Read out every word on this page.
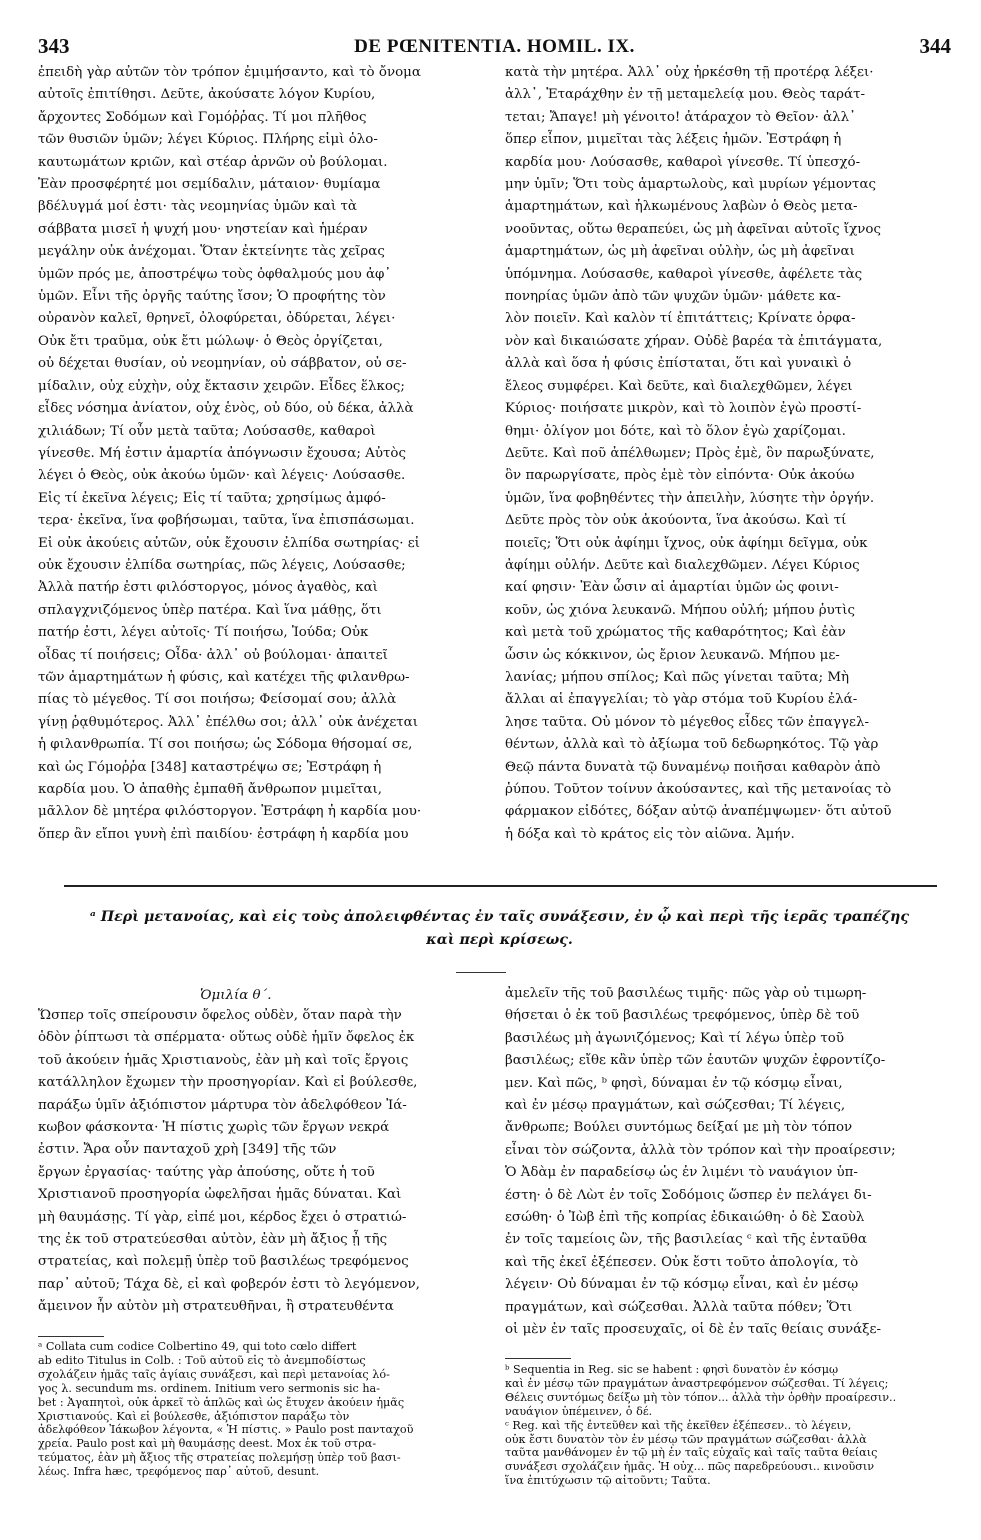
343	DE PŒNITENTIA. HOMIL. IX.	344

ἐπειδὴ γὰρ αὐτῶν τὸν τρόπον ἐμιμήσαντο, καὶ τὸ ὄνομα

αὐτοῖς ἐπιτίθησι. Δεῦτε, ἀκούσατε λόγον Κυρίου,

ἄρχοντες Σοδόμων καὶ Γομόῤῥας. Τί μοι πλῆθος

τῶν θυσιῶν ὑμῶν; λέγει Κύριος. Πλήρης εἰμὶ ὁλο-

καυτωμάτων κριῶν, καὶ στέαρ ἀρνῶν οὐ βούλομαι.

Ἐὰν προσφέρητέ μοι σεμίδαλιν, μάταιον· θυμίαμα

βδέλυγμά μοί ἐστι· τὰς νεομηνίας ὑμῶν καὶ τὰ

σάββατα μισεῖ ἡ ψυχή μου· νηστείαν καὶ ἡμέραν

μεγάλην οὐκ ἀνέχομαι. Ὅταν ἐκτείνητε τὰς χεῖρας

ὑμῶν πρός με, ἀποστρέψω τοὺς ὀφθαλμούς μου ἀφ᾽

ὑμῶν. Εἶνι τῆς ὀργῆς ταύτης ἴσον; Ὁ προφήτης τὸν

οὐρανὸν καλεῖ, θρηνεῖ, ὀλοφύρεται, ὀδύρεται, λέγει·

Οὐκ ἔτι τραῦμα, οὐκ ἔτι μώλωψ· ὁ Θεὸς ὀργίζεται,

οὐ δέχεται θυσίαν, οὐ νεομηνίαν, οὐ σάββατον, οὐ σε-

μίδαλιν, οὐχ εὐχὴν, οὐχ ἔκτασιν χειρῶν. Εἶδες ἕλκος;

εἶδες νόσημα ἀνίατον, οὐχ ἑνὸς, οὐ δύο, οὐ δέκα, ἀλλὰ

χιλιάδων; Τί οὖν μετὰ ταῦτα; Λούσασθε, καθαροὶ

γίνεσθε. Μή ἐστιν ἁμαρτία ἀπόγνωσιν ἔχουσα; Αὐτὸς

λέγει ὁ Θεὸς, οὐκ ἀκούω ὑμῶν· καὶ λέγεις· Λούσασθε.

Εἰς τί ἐκεῖνα λέγεις; Εἰς τί ταῦτα; χρησίμως ἀμφό-

τερα· ἐκεῖνα, ἵνα φοβήσωμαι, ταῦτα, ἵνα ἐπισπάσωμαι.

Εἰ οὐκ ἀκούεις αὐτῶν, οὐκ ἔχουσιν ἐλπίδα σωτηρίας· εἰ

οὐκ ἔχουσιν ἐλπίδα σωτηρίας, πῶς λέγεις, Λούσασθε;

Ἀλλὰ πατήρ ἐστι φιλόστοργος, μόνος ἀγαθὸς, καὶ

σπλαγχνιζόμενος ὑπὲρ πατέρα. Καὶ ἵνα μάθῃς, ὅτι

πατήρ ἐστι, λέγει αὐτοῖς· Τί ποιήσω, Ἰούδα; Οὐκ

οἶδας τί ποιήσεις; Οἶδα· ἀλλ᾽ οὐ βούλομαι· ἀπαιτεῖ

τῶν ἁμαρτημάτων ἡ φύσις, καὶ κατέχει τῆς φιλανθρω-

πίας τὸ μέγεθος. Τί σοι ποιήσω; Φείσομαί σου; ἀλλὰ

γίνῃ ῥᾳθυμότερος. Ἀλλ᾽ ἐπέλθω σοι; ἀλλ᾽ οὐκ ἀνέχεται

ἡ φιλανθρωπία. Τί σοι ποιήσω; ὡς Σόδομα θήσομαί σε,

καὶ ὡς Γόμοῤῥα [348] καταστρέψω σε; Ἐστράφη ἡ

καρδία μου. Ὁ ἀπαθὴς ἐμπαθῆ ἄνθρωπον μιμεῖται,

μᾶλλον δὲ μητέρα φιλόστοργον. Ἐστράφη ἡ καρδία μου·

ὅπερ ἂν εἴποι γυνὴ ἐπὶ παιδίου· ἐστράφη ἡ καρδία μου

κατὰ τὴν μητέρα. Ἀλλ᾽ οὐχ ἠρκέσθη τῇ προτέρᾳ λέξει·

ἀλλ᾽, Ἐταράχθην ἐν τῇ μεταμελείᾳ μου. Θεὸς ταράτ-

τεται; Ἄπαγε! μὴ γένοιτο! ἀτάραχον τὸ Θεῖον· ἀλλ᾽

ὅπερ εἶπον, μιμεῖται τὰς λέξεις ἡμῶν. Ἐστράφη ἡ

καρδία μου· Λούσασθε, καθαροὶ γίνεσθε. Τί ὑπεσχό-

μην ὑμῖν; Ὅτι τοὺς ἁμαρτωλοὺς, καὶ μυρίων γέμοντας

ἁμαρτημάτων, καὶ ἡλκωμένους λαβὼν ὁ Θεὸς μετα-

νοοῦντας, οὕτω θεραπεύει, ὡς μὴ ἀφεῖναι αὐτοῖς ἴχνος

ἁμαρτημάτων, ὡς μὴ ἀφεῖναι οὐλὴν, ὡς μὴ ἀφεῖναι

ὑπόμνημα. Λούσασθε, καθαροὶ γίνεσθε, ἀφέλετε τὰς

πονηρίας ὑμῶν ἀπὸ τῶν ψυχῶν ὑμῶν· μάθετε κα-

λὸν ποιεῖν. Καὶ καλὸν τί ἐπιτάττεις; Κρίνατε ὀρφα-

νὸν καὶ δικαιώσατε χήραν. Οὐδὲ βαρέα τὰ ἐπιτάγματα,

ἀλλὰ καὶ ὅσα ἡ φύσις ἐπίσταται, ὅτι καὶ γυναικὶ ὁ

ἔλεος συμφέρει. Καὶ δεῦτε, καὶ διαλεχθῶμεν, λέγει

Κύριος· ποιήσατε μικρὸν, καὶ τὸ λοιπὸν ἐγὼ προστί-

θημι· ὀλίγον μοι δότε, καὶ τὸ ὅλον ἐγὼ χαρίζομαι.

Δεῦτε. Καὶ ποῦ ἀπέλθωμεν; Πρὸς ἐμὲ, ὃν παρωξύνατε,

ὃν παρωργίσατε, πρὸς ἐμὲ τὸν εἰπόντα· Οὐκ ἀκούω

ὑμῶν, ἵνα φοβηθέντες τὴν ἀπειλὴν, λύσητε τὴν ὀργήν.

Δεῦτε πρὸς τὸν οὐκ ἀκούοντα, ἵνα ἀκούσω. Καὶ τί

ποιεῖς; Ὅτι οὐκ ἀφίημι ἴχνος, οὐκ ἀφίημι δεῖγμα, οὐκ

ἀφίημι οὐλήν. Δεῦτε καὶ διαλεχθῶμεν. Λέγει Κύριος

καί φησιν· Ἐὰν ὦσιν αἱ ἁμαρτίαι ὑμῶν ὡς φοινι-

κοῦν, ὡς χιόνα λευκανῶ. Μήπου οὐλή; μήπου ῥυτὶς

καὶ μετὰ τοῦ χρώματος τῆς καθαρότητος; Καὶ ἐὰν

ὦσιν ὡς κόκκινον, ὡς ἔριον λευκανῶ. Μήπου με-

λανίας; μήπου σπίλος; Καὶ πῶς γίνεται ταῦτα; Μὴ

ἄλλαι αἱ ἐπαγγελίαι; τὸ γὰρ στόμα τοῦ Κυρίου ἐλά-

λησε ταῦτα. Οὐ μόνον τὸ μέγεθος εἶδες τῶν ἐπαγγελ-

θέντων, ἀλλὰ καὶ τὸ ἀξίωμα τοῦ δεδωρηκότος. Τῷ γὰρ

Θεῷ πάντα δυνατὰ τῷ δυναμένῳ ποιῆσαι καθαρὸν ἀπὸ

ῥύπου. Τοῦτον τοίνυν ἀκούσαντες, καὶ τῆς μετανοίας τὸ

φάρμακον εἰδότες, δόξαν αὐτῷ ἀναπέμψωμεν· ὅτι αὐτοῦ

ἡ δόξα καὶ τὸ κράτος εἰς τὸν αἰῶνα. Ἀμήν.

ᵃ Περὶ μετανοίας, καὶ εἰς τοὺς ἀπολειφθέντας ἐν ταῖς συνάξεσιν, ἐν ᾧ καὶ περὶ τῆς ἱερᾶς τραπέζης

καὶ περὶ κρίσεως.

Ὁμιλία θ΄.

Ὥσπερ τοῖς σπείρουσιν ὄφελος οὐδὲν, ὅταν παρὰ τὴν

ὁδὸν ῥίπτωσι τὰ σπέρματα· οὕτως οὐδὲ ἡμῖν ὄφελος ἐκ

τοῦ ἀκούειν ἡμᾶς Χριστιανοὺς, ἐὰν μὴ καὶ τοῖς ἔργοις

κατάλληλον ἔχωμεν τὴν προσηγορίαν. Καὶ εἰ βούλεσθε,

παράξω ὑμῖν ἀξιόπιστον μάρτυρα τὸν ἀδελφόθεον Ἰά-

κωβον φάσκοντα· Ἡ πίστις χωρὶς τῶν ἔργων νεκρά

ἐστιν. Ἄρα οὖν πανταχοῦ χρὴ [349] τῆς τῶν

ἔργων ἐργασίας· ταύτης γὰρ ἀπούσης, οὔτε ἡ τοῦ

Χριστιανοῦ προσηγορία ὠφελῆσαι ἡμᾶς δύναται. Καὶ

μὴ θαυμάσῃς. Τί γὰρ, εἰπέ μοι, κέρδος ἔχει ὁ στρατιώ-

της ἐκ τοῦ στρατεύεσθαι αὐτὸν, ἐὰν μὴ ἄξιος ᾖ τῆς

στρατείας, καὶ πολεμῇ ὑπὲρ τοῦ βασιλέως τρεφόμενος

παρ᾽ αὐτοῦ; Τάχα δὲ, εἰ καὶ φοβερόν ἐστι τὸ λεγόμενον,

ἄμεινον ἦν αὐτὸν μὴ στρατευθῆναι, ἢ στρατευθέντα

ἀμελεῖν τῆς τοῦ βασιλέως τιμῆς· πῶς γὰρ οὐ τιμωρη-

θήσεται ὁ ἐκ τοῦ βασιλέως τρεφόμενος, ὑπὲρ δὲ τοῦ

βασιλέως μὴ ἀγωνιζόμενος; Καὶ τί λέγω ὑπὲρ τοῦ

βασιλέως; εἴθε κἂν ὑπὲρ τῶν ἑαυτῶν ψυχῶν ἐφροντίζο-

μεν. Καὶ πῶς, ᵇ φησὶ, δύναμαι ἐν τῷ κόσμῳ εἶναι,

καὶ ἐν μέσῳ πραγμάτων, καὶ σώζεσθαι; Τί λέγεις,

ἄνθρωπε; Βούλει συντόμως δείξαί με μὴ τὸν τόπον

εἶναι τὸν σώζοντα, ἀλλὰ τὸν τρόπον καὶ τὴν προαίρεσιν;

Ὁ Ἀδὰμ ἐν παραδείσῳ ὡς ἐν λιμένι τὸ ναυάγιον ὑπ-

έστη· ὁ δὲ Λὼτ ἐν τοῖς Σοδόμοις ὥσπερ ἐν πελάγει δι-

εσώθη· ὁ Ἰὼβ ἐπὶ τῆς κοπρίας ἐδικαιώθη· ὁ δὲ Σαοὺλ

ἐν τοῖς ταμείοις ὢν, τῆς βασιλείας ᶜ καὶ τῆς ἐνταῦθα

καὶ τῆς ἐκεῖ ἐξέπεσεν. Οὐκ ἔστι τοῦτο ἀπολογία, τὸ

λέγειν· Οὐ δύναμαι ἐν τῷ κόσμῳ εἶναι, καὶ ἐν μέσῳ

πραγμάτων, καὶ σώζεσθαι. Ἀλλὰ ταῦτα πόθεν; Ὅτι

οἱ μὲν ἐν ταῖς προσευχαῖς, οἱ δὲ ἐν ταῖς θείαις συνάξε-

ᵃ Collata cum codice Colbertino 49, qui toto cœlo differt

ab edito Titulus in Colb. : Τοῦ αὐτοῦ εἰς τὸ ἀνεμποδίστως

σχολάζειν ἡμᾶς ταῖς ἁγίαις συνάξεσι, καὶ περὶ μετανοίας λό-

γος λ. secundum ms. ordinem. Initium vero sermonis sic ha-

bet : Ἀγαπητοὶ, οὐκ ἀρκεῖ τὸ ἁπλῶς καὶ ὡς ἔτυχεν ἀκούειν ἡμᾶς

Χριστιανούς. Καὶ εἰ βούλεσθε, ἀξιόπιστον παράξω τὸν

ἀδελφόθεον Ἰάκωβον λέγοντα, « Ἡ πίστις. » Paulo post πανταχοῦ

χρεία. Paulo post καὶ μὴ θαυμάσῃς deest. Mox ἐκ τοῦ στρα-

τεύματος, ἐὰν μὴ ἄξιος τῆς στρατείας πολεμήσῃ ὑπὲρ τοῦ βασι-

λέως. Infra hæc, τρεφόμενος παρ᾽ αὐτοῦ, desunt.

ᵇ Sequentia in Reg. sic se habent : φησὶ δυνατὸν ἐν κόσμῳ

καὶ ἐν μέσῳ τῶν πραγμάτων ἀναστρεφόμενον σώζεσθαι. Τί λέγεις;

Θέλεις συντόμως δείξω μὴ τὸν τόπον... ἀλλὰ τὴν ὀρθὴν προαίρεσιν..

ναυάγιον ὑπέμεινεν, ὁ δέ.

ᶜ Reg. καὶ τῆς ἐντεῦθεν καὶ τῆς ἐκεῖθεν ἐξέπεσεν.. τὸ λέγειν,

οὐκ ἔστι δυνατὸν τὸν ἐν μέσῳ τῶν πραγμάτων σώζεσθαι· ἀλλὰ

ταῦτα μανθάνομεν ἐν τῷ μὴ ἐν ταῖς εὐχαῖς καὶ ταῖς ταῦτα θείαις

συνάξεσι σχολάζειν ἡμᾶς. Ἡ οὐχ... πῶς παρεδρεύουσι.. κινοῦσιν

ἵνα ἐπιτύχωσιν τῷ αἰτοῦντι; Ταῦτα.
